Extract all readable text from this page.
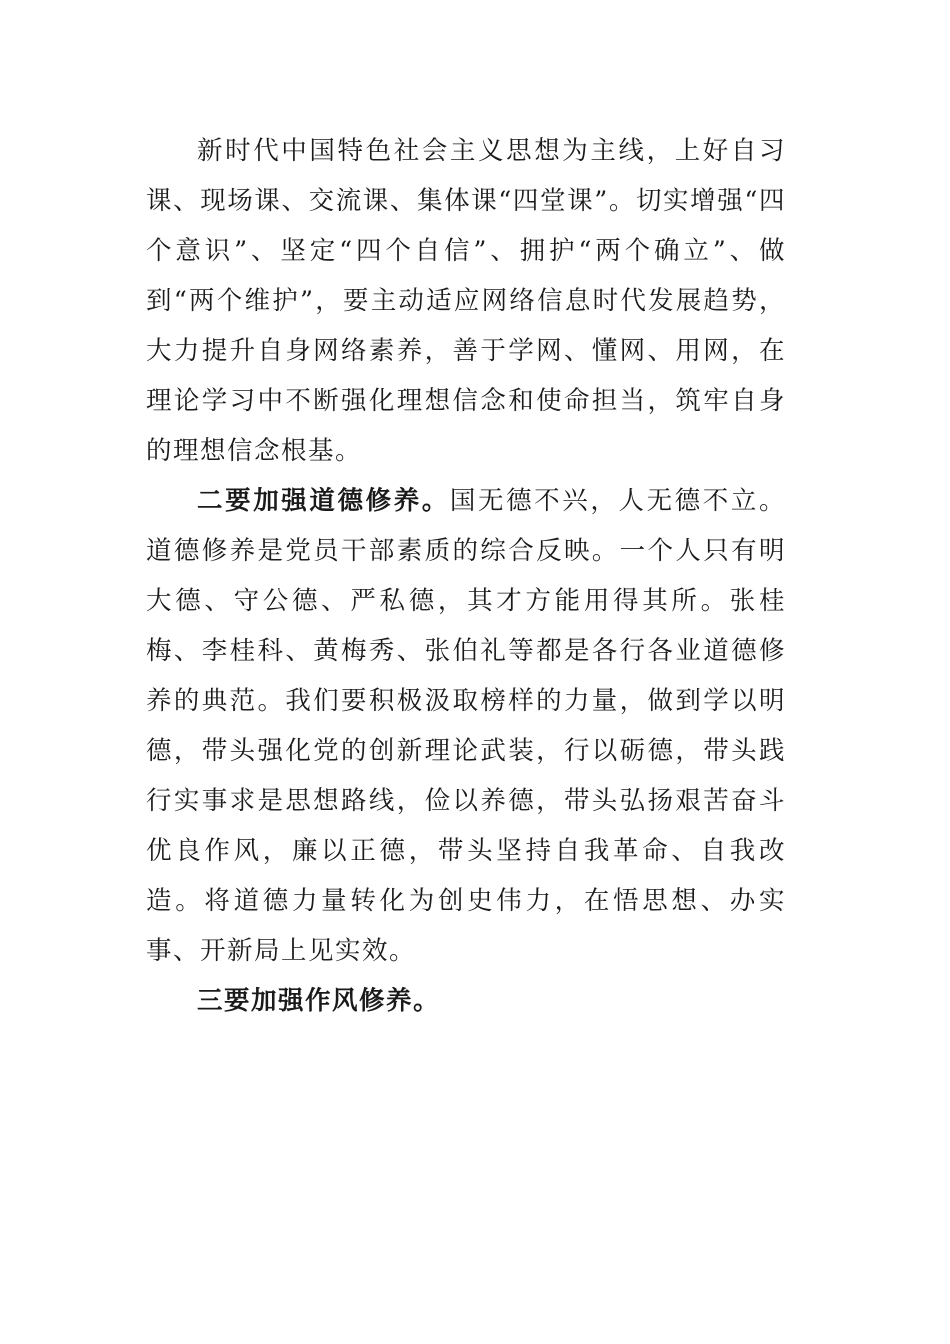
新时代中国特色社会主义思想为主线，上好自习课、现场课、交流课、集体课“四堂课”。切实增强“四个意识”、坚定“四个自信”、拥护“两个确立”、做到“两个维护”，要主动适应网络信息时代发展趋势，大力提升自身网络素养，善于学网、懂网、用网，在理论学习中不断强化理想信念和使命担当，筑牢自身的理想信念根基。

二要加强道德修养。国无德不兴，人无德不立。道德修养是党员干部素质的综合反映。一个人只有明大德、守公德、严私德，其才方能用得其所。张桂梅、李桂科、黄梅秀、张伯礼等都是各行各业道德修养的典范。我们要积极汲取榜样的力量，做到学以明德，带头强化党的创新理论武装，行以砺德，带头践行实事求是思想路线，俭以养德，带头弘扬艰苦奋斗优良作风，廉以正德，带头坚持自我革命、自我改造。将道德力量转化为创史伟力，在悟思想、办实事、开新局上见实效。

三要加强作风修养。
